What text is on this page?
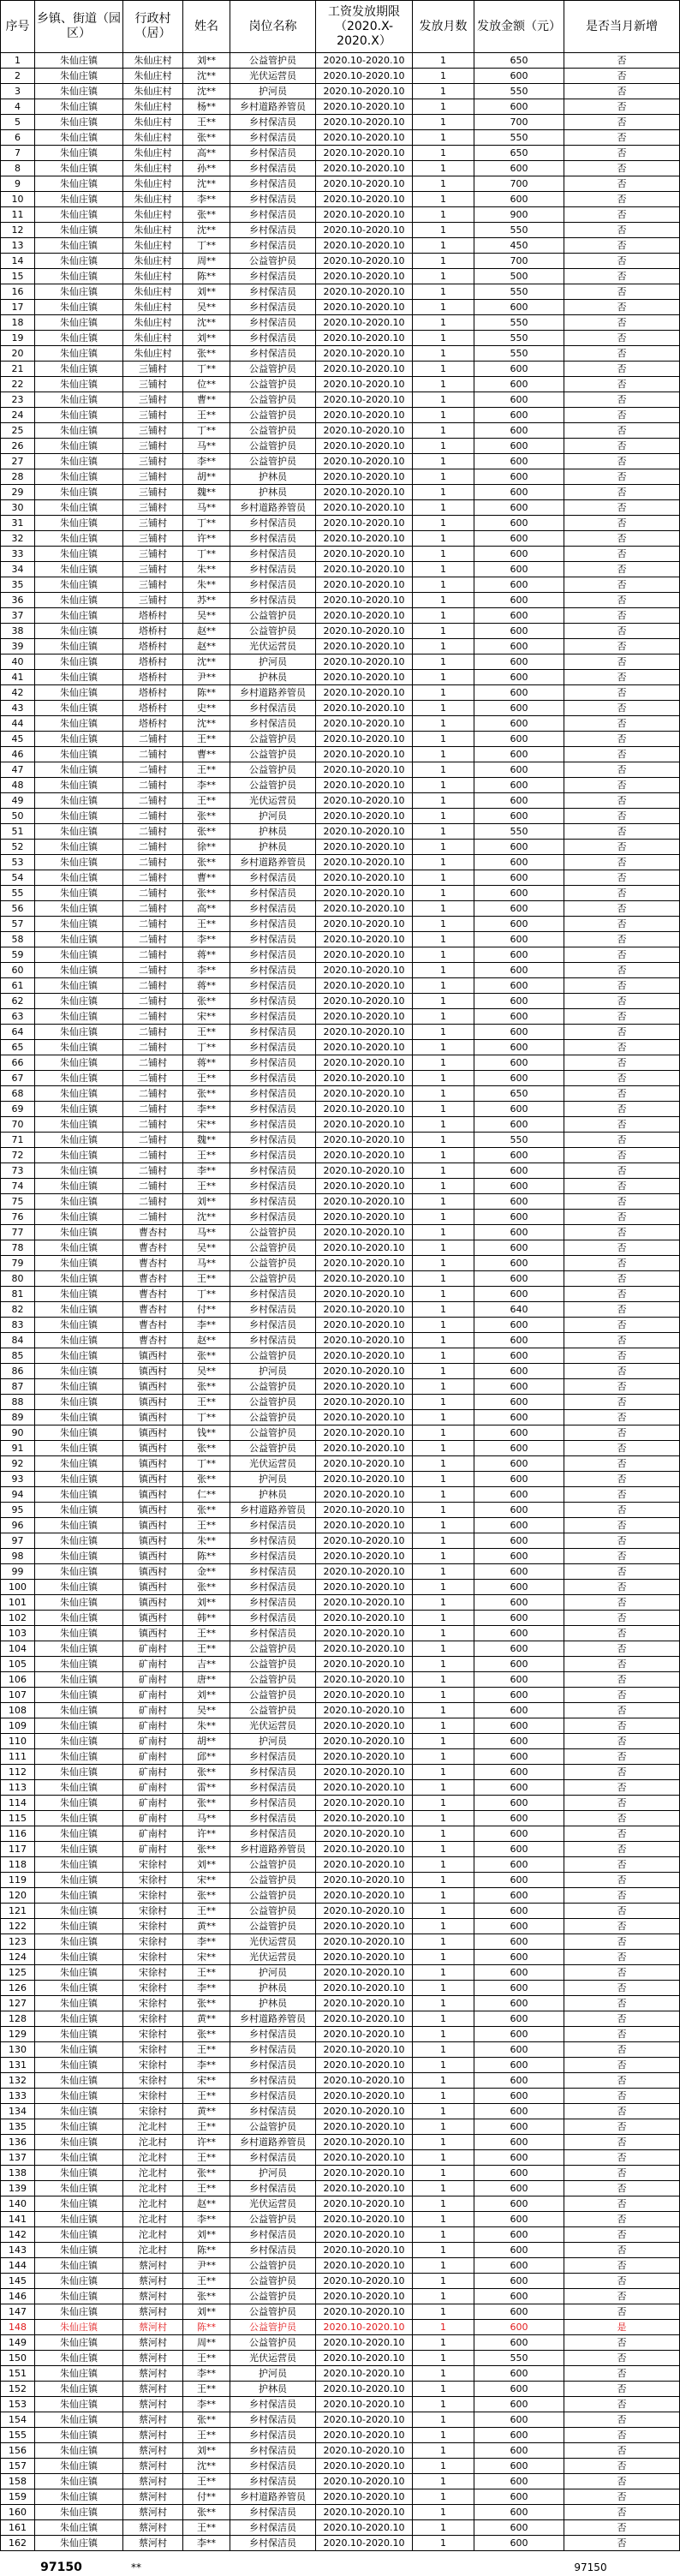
序号	乡镇、街道（园区）	行政村（居）	姓名	岗位名称	工资发放期限（2020.X-2020.X）	发放月数	发放金额（元）	是否当月新增
1	朱仙庄镇	朱仙庄村	刘**	公益管护员	2020.10-2020.10	1	650	否
2	朱仙庄镇	朱仙庄村	沈**	光伏运营员	2020.10-2020.10	1	600	否
3	朱仙庄镇	朱仙庄村	沈**	护河员	2020.10-2020.10	1	550	否
4	朱仙庄镇	朱仙庄村	杨**	乡村道路养管员	2020.10-2020.10	1	600	否
5	朱仙庄镇	朱仙庄村	王**	乡村保洁员	2020.10-2020.10	1	700	否
6	朱仙庄镇	朱仙庄村	张**	乡村保洁员	2020.10-2020.10	1	550	否
7	朱仙庄镇	朱仙庄村	高**	乡村保洁员	2020.10-2020.10	1	650	否
8	朱仙庄镇	朱仙庄村	孙**	乡村保洁员	2020.10-2020.10	1	600	否
9	朱仙庄镇	朱仙庄村	沈**	乡村保洁员	2020.10-2020.10	1	700	否
10	朱仙庄镇	朱仙庄村	李**	乡村保洁员	2020.10-2020.10	1	600	否
11	朱仙庄镇	朱仙庄村	张**	乡村保洁员	2020.10-2020.10	1	900	否
12	朱仙庄镇	朱仙庄村	沈**	乡村保洁员	2020.10-2020.10	1	550	否
13	朱仙庄镇	朱仙庄村	丁**	乡村保洁员	2020.10-2020.10	1	450	否
14	朱仙庄镇	朱仙庄村	周**	公益管护员	2020.10-2020.10	1	700	否
15	朱仙庄镇	朱仙庄村	陈**	乡村保洁员	2020.10-2020.10	1	500	否
16	朱仙庄镇	朱仙庄村	刘**	乡村保洁员	2020.10-2020.10	1	550	否
17	朱仙庄镇	朱仙庄村	吴**	乡村保洁员	2020.10-2020.10	1	600	否
18	朱仙庄镇	朱仙庄村	沈**	乡村保洁员	2020.10-2020.10	1	550	否
19	朱仙庄镇	朱仙庄村	刘**	乡村保洁员	2020.10-2020.10	1	550	否
20	朱仙庄镇	朱仙庄村	张**	乡村保洁员	2020.10-2020.10	1	550	否
21	朱仙庄镇	三铺村	丁**	公益管护员	2020.10-2020.10	1	600	否
22	朱仙庄镇	三铺村	位**	公益管护员	2020.10-2020.10	1	600	否
23	朱仙庄镇	三铺村	曹**	公益管护员	2020.10-2020.10	1	600	否
24	朱仙庄镇	三铺村	王**	公益管护员	2020.10-2020.10	1	600	否
25	朱仙庄镇	三铺村	丁**	公益管护员	2020.10-2020.10	1	600	否
26	朱仙庄镇	三铺村	马**	公益管护员	2020.10-2020.10	1	600	否
27	朱仙庄镇	三铺村	李**	公益管护员	2020.10-2020.10	1	600	否
28	朱仙庄镇	三铺村	胡**	护林员	2020.10-2020.10	1	600	否
29	朱仙庄镇	三铺村	魏**	护林员	2020.10-2020.10	1	600	否
30	朱仙庄镇	三铺村	马**	乡村道路养管员	2020.10-2020.10	1	600	否
31	朱仙庄镇	三铺村	丁**	乡村保洁员	2020.10-2020.10	1	600	否
32	朱仙庄镇	三铺村	许**	乡村保洁员	2020.10-2020.10	1	600	否
33	朱仙庄镇	三铺村	丁**	乡村保洁员	2020.10-2020.10	1	600	否
34	朱仙庄镇	三铺村	朱**	乡村保洁员	2020.10-2020.10	1	600	否
35	朱仙庄镇	三铺村	朱**	乡村保洁员	2020.10-2020.10	1	600	否
36	朱仙庄镇	三铺村	苏**	乡村保洁员	2020.10-2020.10	1	600	否
37	朱仙庄镇	塔桥村	吴**	公益管护员	2020.10-2020.10	1	600	否
38	朱仙庄镇	塔桥村	赵**	公益管护员	2020.10-2020.10	1	600	否
39	朱仙庄镇	塔桥村	赵**	光伏运营员	2020.10-2020.10	1	600	否
40	朱仙庄镇	塔桥村	沈**	护河员	2020.10-2020.10	1	600	否
41	朱仙庄镇	塔桥村	尹**	护林员	2020.10-2020.10	1	600	否
42	朱仙庄镇	塔桥村	陈**	乡村道路养管员	2020.10-2020.10	1	600	否
43	朱仙庄镇	塔桥村	史**	乡村保洁员	2020.10-2020.10	1	600	否
44	朱仙庄镇	塔桥村	沈**	乡村保洁员	2020.10-2020.10	1	600	否
45	朱仙庄镇	二铺村	王**	公益管护员	2020.10-2020.10	1	600	否
46	朱仙庄镇	二铺村	曹**	公益管护员	2020.10-2020.10	1	600	否
47	朱仙庄镇	二铺村	王**	公益管护员	2020.10-2020.10	1	600	否
48	朱仙庄镇	二铺村	李**	公益管护员	2020.10-2020.10	1	600	否
49	朱仙庄镇	二铺村	王**	光伏运营员	2020.10-2020.10	1	600	否
50	朱仙庄镇	二铺村	张**	护河员	2020.10-2020.10	1	600	否
51	朱仙庄镇	二铺村	张**	护林员	2020.10-2020.10	1	550	否
52	朱仙庄镇	二铺村	徐**	护林员	2020.10-2020.10	1	600	否
53	朱仙庄镇	二铺村	张**	乡村道路养管员	2020.10-2020.10	1	600	否
54	朱仙庄镇	二铺村	曹**	乡村保洁员	2020.10-2020.10	1	600	否
55	朱仙庄镇	二铺村	张**	乡村保洁员	2020.10-2020.10	1	600	否
56	朱仙庄镇	二铺村	高**	乡村保洁员	2020.10-2020.10	1	600	否
57	朱仙庄镇	二铺村	王**	乡村保洁员	2020.10-2020.10	1	600	否
58	朱仙庄镇	二铺村	李**	乡村保洁员	2020.10-2020.10	1	600	否
59	朱仙庄镇	二铺村	蒋**	乡村保洁员	2020.10-2020.10	1	600	否
60	朱仙庄镇	二铺村	李**	乡村保洁员	2020.10-2020.10	1	600	否
61	朱仙庄镇	二铺村	蒋**	乡村保洁员	2020.10-2020.10	1	600	否
62	朱仙庄镇	二铺村	张**	乡村保洁员	2020.10-2020.10	1	600	否
63	朱仙庄镇	二铺村	宋**	乡村保洁员	2020.10-2020.10	1	600	否
64	朱仙庄镇	二铺村	王**	乡村保洁员	2020.10-2020.10	1	600	否
65	朱仙庄镇	二铺村	丁**	乡村保洁员	2020.10-2020.10	1	600	否
66	朱仙庄镇	二铺村	蒋**	乡村保洁员	2020.10-2020.10	1	600	否
67	朱仙庄镇	二铺村	王**	乡村保洁员	2020.10-2020.10	1	600	否
68	朱仙庄镇	二铺村	张**	乡村保洁员	2020.10-2020.10	1	650	否
69	朱仙庄镇	二铺村	李**	乡村保洁员	2020.10-2020.10	1	600	否
70	朱仙庄镇	二铺村	宋**	乡村保洁员	2020.10-2020.10	1	600	否
71	朱仙庄镇	二铺村	魏**	乡村保洁员	2020.10-2020.10	1	550	否
72	朱仙庄镇	二铺村	王**	乡村保洁员	2020.10-2020.10	1	600	否
73	朱仙庄镇	二铺村	李**	乡村保洁员	2020.10-2020.10	1	600	否
74	朱仙庄镇	二铺村	王**	乡村保洁员	2020.10-2020.10	1	600	否
75	朱仙庄镇	二铺村	刘**	乡村保洁员	2020.10-2020.10	1	600	否
76	朱仙庄镇	二铺村	沈**	乡村保洁员	2020.10-2020.10	1	600	否
77	朱仙庄镇	曹杏村	马**	公益管护员	2020.10-2020.10	1	600	否
78	朱仙庄镇	曹杏村	吴**	公益管护员	2020.10-2020.10	1	600	否
79	朱仙庄镇	曹杏村	马**	公益管护员	2020.10-2020.10	1	600	否
80	朱仙庄镇	曹杏村	王**	公益管护员	2020.10-2020.10	1	600	否
81	朱仙庄镇	曹杏村	丁**	乡村保洁员	2020.10-2020.10	1	600	否
82	朱仙庄镇	曹杏村	付**	乡村保洁员	2020.10-2020.10	1	640	否
83	朱仙庄镇	曹杏村	李**	乡村保洁员	2020.10-2020.10	1	600	否
84	朱仙庄镇	曹杏村	赵**	乡村保洁员	2020.10-2020.10	1	600	否
85	朱仙庄镇	镇西村	张**	公益管护员	2020.10-2020.10	1	600	否
86	朱仙庄镇	镇西村	吴**	护河员	2020.10-2020.10	1	600	否
87	朱仙庄镇	镇西村	张**	公益管护员	2020.10-2020.10	1	600	否
88	朱仙庄镇	镇西村	王**	公益管护员	2020.10-2020.10	1	600	否
89	朱仙庄镇	镇西村	丁**	公益管护员	2020.10-2020.10	1	600	否
90	朱仙庄镇	镇西村	钱**	公益管护员	2020.10-2020.10	1	600	否
91	朱仙庄镇	镇西村	张**	公益管护员	2020.10-2020.10	1	600	否
92	朱仙庄镇	镇西村	丁**	光伏运营员	2020.10-2020.10	1	600	否
93	朱仙庄镇	镇西村	张**	护河员	2020.10-2020.10	1	600	否
94	朱仙庄镇	镇西村	仁**	护林员	2020.10-2020.10	1	600	否
95	朱仙庄镇	镇西村	张**	乡村道路养管员	2020.10-2020.10	1	600	否
96	朱仙庄镇	镇西村	王**	乡村保洁员	2020.10-2020.10	1	600	否
97	朱仙庄镇	镇西村	朱**	乡村保洁员	2020.10-2020.10	1	600	否
98	朱仙庄镇	镇西村	陈**	乡村保洁员	2020.10-2020.10	1	600	否
99	朱仙庄镇	镇西村	金**	乡村保洁员	2020.10-2020.10	1	600	否
100	朱仙庄镇	镇西村	张**	乡村保洁员	2020.10-2020.10	1	600	否
101	朱仙庄镇	镇西村	刘**	乡村保洁员	2020.10-2020.10	1	600	否
102	朱仙庄镇	镇西村	韩**	乡村保洁员	2020.10-2020.10	1	600	否
103	朱仙庄镇	镇西村	王**	乡村保洁员	2020.10-2020.10	1	600	否
104	朱仙庄镇	矿南村	王**	公益管护员	2020.10-2020.10	1	600	否
105	朱仙庄镇	矿南村	吉**	公益管护员	2020.10-2020.10	1	600	否
106	朱仙庄镇	矿南村	唐**	公益管护员	2020.10-2020.10	1	600	否
107	朱仙庄镇	矿南村	刘**	公益管护员	2020.10-2020.10	1	600	否
108	朱仙庄镇	矿南村	吴**	公益管护员	2020.10-2020.10	1	600	否
109	朱仙庄镇	矿南村	朱**	光伏运营员	2020.10-2020.10	1	600	否
110	朱仙庄镇	矿南村	胡**	护河员	2020.10-2020.10	1	600	否
111	朱仙庄镇	矿南村	邱**	乡村保洁员	2020.10-2020.10	1	600	否
112	朱仙庄镇	矿南村	张**	乡村保洁员	2020.10-2020.10	1	600	否
113	朱仙庄镇	矿南村	雷**	乡村保洁员	2020.10-2020.10	1	600	否
114	朱仙庄镇	矿南村	张**	乡村保洁员	2020.10-2020.10	1	600	否
115	朱仙庄镇	矿南村	马**	乡村保洁员	2020.10-2020.10	1	600	否
116	朱仙庄镇	矿南村	许**	乡村保洁员	2020.10-2020.10	1	600	否
117	朱仙庄镇	矿南村	张**	乡村道路养管员	2020.10-2020.10	1	600	否
118	朱仙庄镇	宋徐村	刘**	公益管护员	2020.10-2020.10	1	600	否
119	朱仙庄镇	宋徐村	宋**	公益管护员	2020.10-2020.10	1	600	否
120	朱仙庄镇	宋徐村	张**	公益管护员	2020.10-2020.10	1	600	否
121	朱仙庄镇	宋徐村	王**	公益管护员	2020.10-2020.10	1	600	否
122	朱仙庄镇	宋徐村	黄**	公益管护员	2020.10-2020.10	1	600	否
123	朱仙庄镇	宋徐村	李**	光伏运营员	2020.10-2020.10	1	600	否
124	朱仙庄镇	宋徐村	宋**	光伏运营员	2020.10-2020.10	1	600	否
125	朱仙庄镇	宋徐村	王**	护河员	2020.10-2020.10	1	600	否
126	朱仙庄镇	宋徐村	李**	护林员	2020.10-2020.10	1	600	否
127	朱仙庄镇	宋徐村	张**	护林员	2020.10-2020.10	1	600	否
128	朱仙庄镇	宋徐村	黄**	乡村道路养管员	2020.10-2020.10	1	600	否
129	朱仙庄镇	宋徐村	张**	乡村保洁员	2020.10-2020.10	1	600	否
130	朱仙庄镇	宋徐村	王**	乡村保洁员	2020.10-2020.10	1	600	否
131	朱仙庄镇	宋徐村	李**	乡村保洁员	2020.10-2020.10	1	600	否
132	朱仙庄镇	宋徐村	宋**	乡村保洁员	2020.10-2020.10	1	600	否
133	朱仙庄镇	宋徐村	王**	乡村保洁员	2020.10-2020.10	1	600	否
134	朱仙庄镇	宋徐村	黄**	乡村保洁员	2020.10-2020.10	1	600	否
135	朱仙庄镇	沱北村	王**	公益管护员	2020.10-2020.10	1	600	否
136	朱仙庄镇	沱北村	许**	乡村道路养管员	2020.10-2020.10	1	600	否
137	朱仙庄镇	沱北村	王**	乡村保洁员	2020.10-2020.10	1	600	否
138	朱仙庄镇	沱北村	张**	护河员	2020.10-2020.10	1	600	否
139	朱仙庄镇	沱北村	王**	乡村保洁员	2020.10-2020.10	1	600	否
140	朱仙庄镇	沱北村	赵**	光伏运营员	2020.10-2020.10	1	600	否
141	朱仙庄镇	沱北村	李**	公益管护员	2020.10-2020.10	1	600	否
142	朱仙庄镇	沱北村	刘**	乡村保洁员	2020.10-2020.10	1	600	否
143	朱仙庄镇	沱北村	陈**	乡村保洁员	2020.10-2020.10	1	600	否
144	朱仙庄镇	蔡河村	尹**	公益管护员	2020.10-2020.10	1	600	否
145	朱仙庄镇	蔡河村	王**	公益管护员	2020.10-2020.10	1	600	否
146	朱仙庄镇	蔡河村	张**	公益管护员	2020.10-2020.10	1	600	否
147	朱仙庄镇	蔡河村	刘**	公益管护员	2020.10-2020.10	1	600	否
148	朱仙庄镇	蔡河村	陈**	公益管护员	2020.10-2020.10	1	600	是
149	朱仙庄镇	蔡河村	周**	公益管护员	2020.10-2020.10	1	600	否
150	朱仙庄镇	蔡河村	王**	光伏运营员	2020.10-2020.10	1	550	否
151	朱仙庄镇	蔡河村	李**	护河员	2020.10-2020.10	1	600	否
152	朱仙庄镇	蔡河村	王**	护林员	2020.10-2020.10	1	600	否
153	朱仙庄镇	蔡河村	李**	乡村保洁员	2020.10-2020.10	1	600	否
154	朱仙庄镇	蔡河村	张**	乡村保洁员	2020.10-2020.10	1	600	否
155	朱仙庄镇	蔡河村	王**	乡村保洁员	2020.10-2020.10	1	600	否
156	朱仙庄镇	蔡河村	刘**	乡村保洁员	2020.10-2020.10	1	600	否
157	朱仙庄镇	蔡河村	沈**	乡村保洁员	2020.10-2020.10	1	600	否
158	朱仙庄镇	蔡河村	王**	乡村保洁员	2020.10-2020.10	1	600	否
159	朱仙庄镇	蔡河村	付**	乡村道路养管员	2020.10-2020.10	1	600	否
160	朱仙庄镇	蔡河村	张**	乡村保洁员	2020.10-2020.10	1	600	否
161	朱仙庄镇	蔡河村	王**	乡村保洁员	2020.10-2020.10	1	600	否
162	朱仙庄镇	蔡河村	李**	乡村保洁员	2020.10-2020.10	1	600	否
97150	**		97150
